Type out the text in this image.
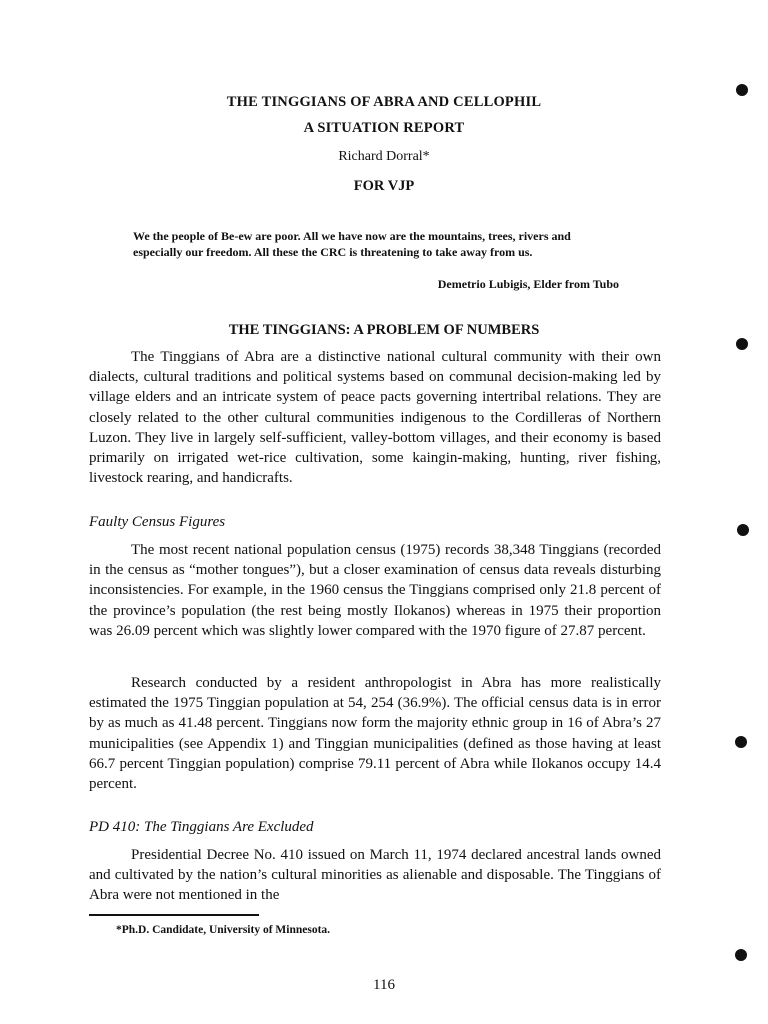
THE TINGGIANS OF ABRA AND CELLOPHIL
A SITUATION REPORT
Richard Dorral*
FOR VJP
We the people of Be-ew are poor. All we have now are the mountains, trees, rivers and especially our freedom. All these the CRC is threatening to take away from us.
Demetrio Lubigis, Elder from Tubo
THE TINGGIANS: A PROBLEM OF NUMBERS

The Tinggians of Abra are a distinctive national cultural community with their own dialects, cultural traditions and political systems based on communal decision-making led by village elders and an intricate system of peace pacts governing intertribal relations. They are closely related to the other cultural communities indigenous to the Cordilleras of Northern Luzon. They live in largely self-sufficient, valley-bottom villages, and their economy is based primarily on irrigated wet-rice cultivation, some kaingin-making, hunting, river fishing, livestock rearing, and handicrafts.

Faulty Census Figures

The most recent national population census (1975) records 38,348 Tinggians (recorded in the census as “mother tongues”), but a closer examination of census data reveals disturbing inconsistencies. For example, in the 1960 census the Tinggians comprised only 21.8 percent of the province’s population (the rest being mostly Ilokanos) whereas in 1975 their proportion was 26.09 percent which was slightly lower compared with the 1970 figure of 27.87 percent.

Research conducted by a resident anthropologist in Abra has more realistically estimated the 1975 Tinggian population at 54, 254 (36.9%). The official census data is in error by as much as 41.48 percent. Tinggians now form the majority ethnic group in 16 of Abra’s 27 municipalities (see Appendix 1) and Tinggian municipalities (defined as those having at least 66.7 percent Tinggian population) comprise 79.11 percent of Abra while Ilokanos occupy 14.4 percent.

PD 410: The Tinggians Are Excluded

Presidential Decree No. 410 issued on March 11, 1974 declared ancestral lands owned and cultivated by the nation’s cultural minorities as alienable and disposable. The Tinggians of Abra were not mentioned in the

*Ph.D. Candidate, University of Minnesota.
116
